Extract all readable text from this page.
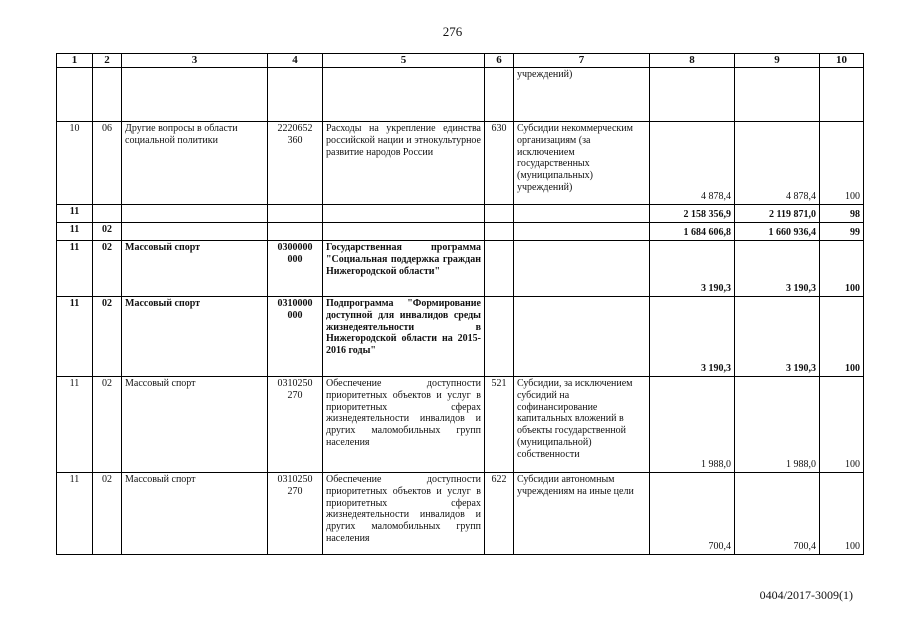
276
1	2	3	4	5	6	7	8	9	10
						учреждений)			
10	06	Другие вопросы в области социальной политики	2220652 360	Расходы на укрепление единства российской нации и этнокультурное развитие народов России	630	Субсидии некоммерческим организациям (за исключением государственных (муниципальных) учреждений)	4 878,4	4 878,4	100
11							2 158 356,9	2 119 871,0	98
11	02						1 684 606,8	1 660 936,4	99
11	02	Массовый спорт	0300000 000	Государственная программа "Социальная поддержка граждан Нижегородской области"			3 190,3	3 190,3	100
11	02	Массовый спорт	0310000 000	Подпрограмма "Формирование доступной для инвалидов среды жизнедеятельности в Нижегородской области на 2015-2016 годы"			3 190,3	3 190,3	100
11	02	Массовый спорт	0310250 270	Обеспечение доступности приоритетных объектов и услуг в приоритетных сферах жизнедеятельности инвалидов и других маломобильных групп населения	521	Субсидии, за исключением субсидий на софинансирование капитальных вложений в объекты государственной (муниципальной) собственности	1 988,0	1 988,0	100
11	02	Массовый спорт	0310250 270	Обеспечение доступности приоритетных объектов и услуг в приоритетных сферах жизнедеятельности инвалидов и других маломобильных групп населения	622	Субсидии автономным учреждениям на иные цели	700,4	700,4	100
0404/2017-3009(1)
